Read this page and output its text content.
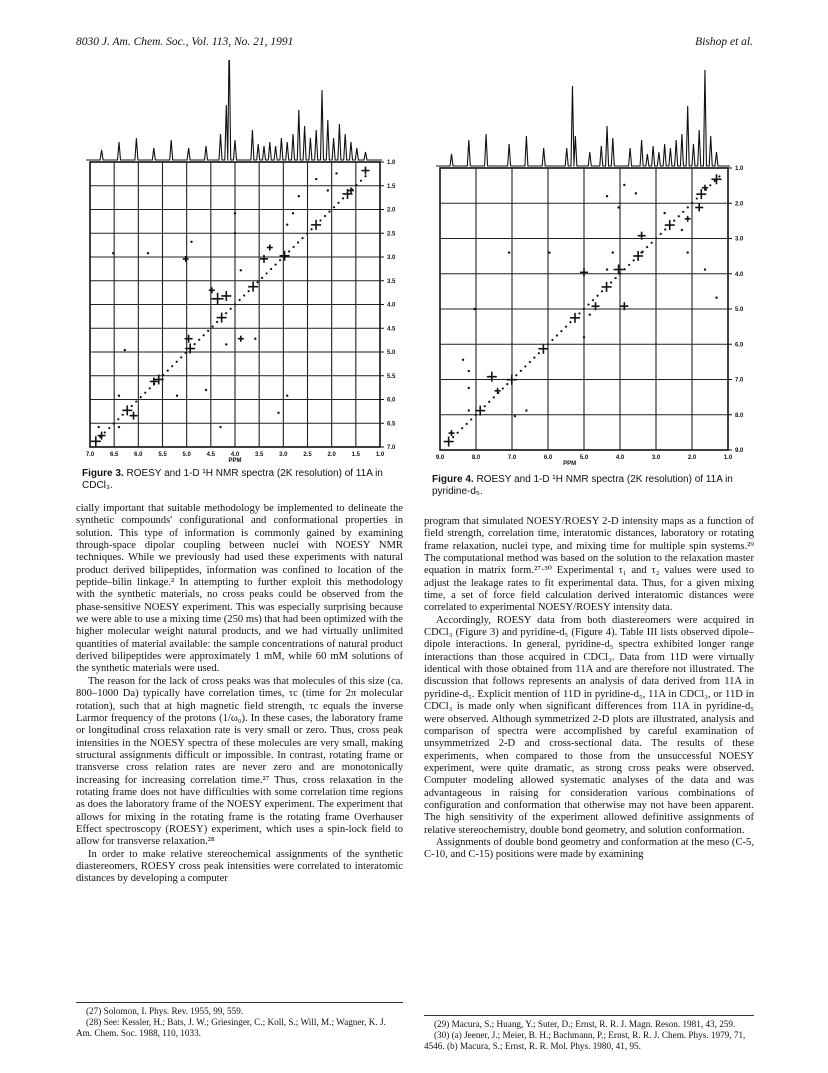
8030 J. Am. Chem. Soc., Vol. 113, No. 21, 1991	Bishop et al.
7.0	6.5	6.0	5.5	5.0	4.5	4.0	3.5	3.0	2.5	2.0	1.5	1.0
1.0
1.5
2.0
2.5
3.0
3.5
4.0
4.5
5.0
5.5
6.0
6.5
7.0
PPM
Figure 3. ROESY and 1-D ¹H NMR spectra (2K resolution) of 11A in CDCl₃.
9.0	8.0	7.0	6.0	5.0	4.0	3.0	2.0	1.0
1.0
2.0
3.0
4.0
5.0
6.0
7.0
8.0
9.0
PPM
Figure 4. ROESY and 1-D ¹H NMR spectra (2K resolution) of 11A in pyridine-d₅.

cially important that suitable methodology be implemented to delineate the synthetic compounds' configurational and conformational properties in solution. This type of information is commonly gained by examining through-space dipolar coupling between nuclei with NOESY NMR techniques. While we previously had used these experiments with natural product derived bilipeptides, information was confined to location of the peptide–bilin linkage.² In attempting to further exploit this methodology with the synthetic materials, no cross peaks could be observed from the phase-sensitive NOESY experiment. This was especially surprising because we were able to use a mixing time (250 ms) that had been optimized with the higher molecular weight natural products, and we had virtually unlimited quantities of material available: the sample concentrations of natural product derived bilipeptides were approximately 1 mM, while 60 mM solutions of the synthetic materials were used.

The reason for the lack of cross peaks was that molecules of this size (ca. 800–1000 Da) typically have correlation times, τc (time for 2π molecular rotation), such that at high magnetic field strength, τc equals the inverse Larmor frequency of the protons (1/ω₀). In these cases, the laboratory frame or longitudinal cross relaxation rate is very small or zero. Thus, cross peak intensities in the NOESY spectra of these molecules are very small, making structural assignments difficult or impossible. In contrast, rotating frame or transverse cross relation rates are never zero and are monotonically increasing for increasing correlation time.²⁷ Thus, cross relaxation in the rotating frame does not have difficulties with some correlation time regions as does the laboratory frame of the NOESY experiment. The experiment that allows for mixing in the rotating frame is the rotating frame Overhauser Effect spectroscopy (ROESY) experiment, which uses a spin-lock field to allow for transverse relaxation.²⁸

In order to make relative stereochemical assignments of the synthetic diastereomers, ROESY cross peak intensities were correlated to interatomic distances by developing a computer

program that simulated NOESY/ROESY 2-D intensity maps as a function of field strength, correlation time, interatomic distances, laboratory or rotating frame relaxation, nuclei type, and mixing time for multiple spin systems.²⁹ The computational method was based on the solution to the relaxation master equation in matrix form.²⁷·³⁰ Experimental τ₁ and τ₂ values were used to adjust the leakage rates to fit experimental data. Thus, for a given mixing time, a set of force field calculation derived interatomic distances were correlated to experimental NOESY/ROESY intensity data.

Accordingly, ROESY data from both diastereomers were acquired in CDCl₃ (Figure 3) and pyridine-d₅ (Figure 4). Table III lists observed dipole–dipole interactions. In general, pyridine-d₅ spectra exhibited longer range interactions than those acquired in CDCl₃. Data from 11D were virtually identical with those obtained from 11A and are therefore not illustrated. The discussion that follows represents an analysis of data derived from 11A in pyridine-d₅. Explicit mention of 11D in pyridine-d₅, 11A in CDCl₃, or 11D in CDCl₃ is made only when significant differences from 11A in pyridine-d₅ were observed. Although symmetrized 2-D plots are illustrated, analysis and comparison of spectra were accomplished by careful examination of unsymmetrized 2-D and cross-sectional data. The results of these experiments, when compared to those from the unsuccessful NOESY experiment, were quite dramatic, as strong cross peaks were observed. Computer modeling allowed systematic analyses of the data and was advantageous in raising for consideration various combinations of configuration and conformation that otherwise may not have been apparent. The high sensitivity of the experiment allowed definitive assignments of relative stereochemistry, double bond geometry, and solution conformation.

Assignments of double bond geometry and conformation at the meso (C-5, C-10, and C-15) positions were made by examining

(27) Solomon, I. Phys. Rev. 1955, 99, 559.
(28) See: Kessler, H.; Bats, J. W.; Griesinger, C.; Koll, S.; Will, M.; Wagner, K. J. Am. Chem. Soc. 1988, 110, 1033.
(29) Macura, S.; Huang, Y.; Suter, D.; Ernst, R. R. J. Magn. Reson. 1981, 43, 259.
(30) (a) Jeener, J.; Meier, B. H.; Bachmann, P.; Ernst, R. R. J. Chem. Phys. 1979, 71, 4546. (b) Macura, S.; Ernst, R. R. Mol. Phys. 1980, 41, 95.
